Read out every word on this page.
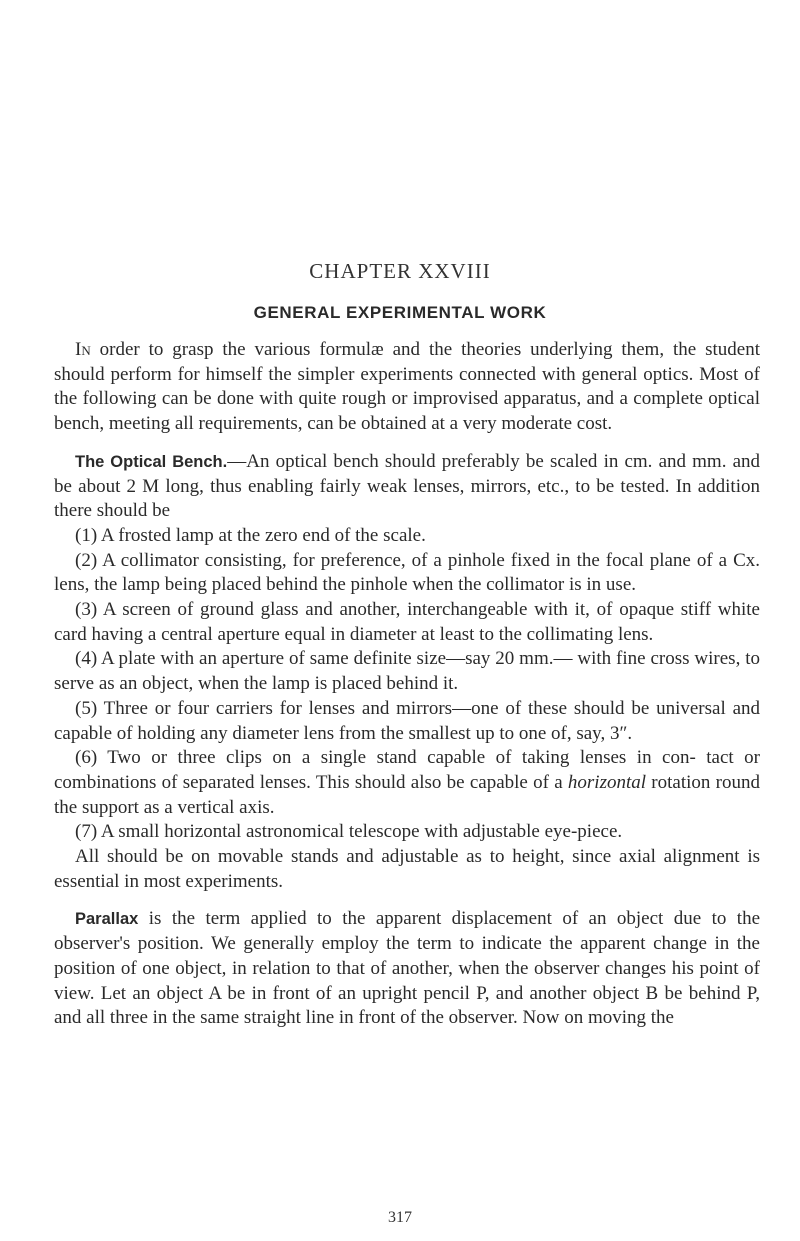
CHAPTER XXVIII
GENERAL EXPERIMENTAL WORK

In order to grasp the various formulæ and the theories underlying them, the student should perform for himself the simpler experiments connected with general optics. Most of the following can be done with quite rough or improvised apparatus, and a complete optical bench, meeting all requirements, can be obtained at a very moderate cost.

The Optical Bench.—An optical bench should preferably be scaled in cm. and mm. and be about 2 M long, thus enabling fairly weak lenses, mirrors, etc., to be tested. In addition there should be

(1) A frosted lamp at the zero end of the scale.

(2) A collimator consisting, for preference, of a pinhole fixed in the focal plane of a Cx. lens, the lamp being placed behind the pinhole when the collimator is in use.

(3) A screen of ground glass and another, interchangeable with it, of opaque stiff white card having a central aperture equal in diameter at least to the collimating lens.

(4) A plate with an aperture of same definite size—say 20 mm.— with fine cross wires, to serve as an object, when the lamp is placed behind it.

(5) Three or four carriers for lenses and mirrors—one of these should be universal and capable of holding any diameter lens from the smallest up to one of, say, 3″.

(6) Two or three clips on a single stand capable of taking lenses in con- tact or combinations of separated lenses. This should also be capable of a horizontal rotation round the support as a vertical axis.

(7) A small horizontal astronomical telescope with adjustable eye-piece.

All should be on movable stands and adjustable as to height, since axial alignment is essential in most experiments.

Parallax is the term applied to the apparent displacement of an object due to the observer's position. We generally employ the term to indicate the apparent change in the position of one object, in relation to that of another, when the observer changes his point of view. Let an object A be in front of an upright pencil P, and another object B be behind P, and all three in the same straight line in front of the observer. Now on moving the

317
